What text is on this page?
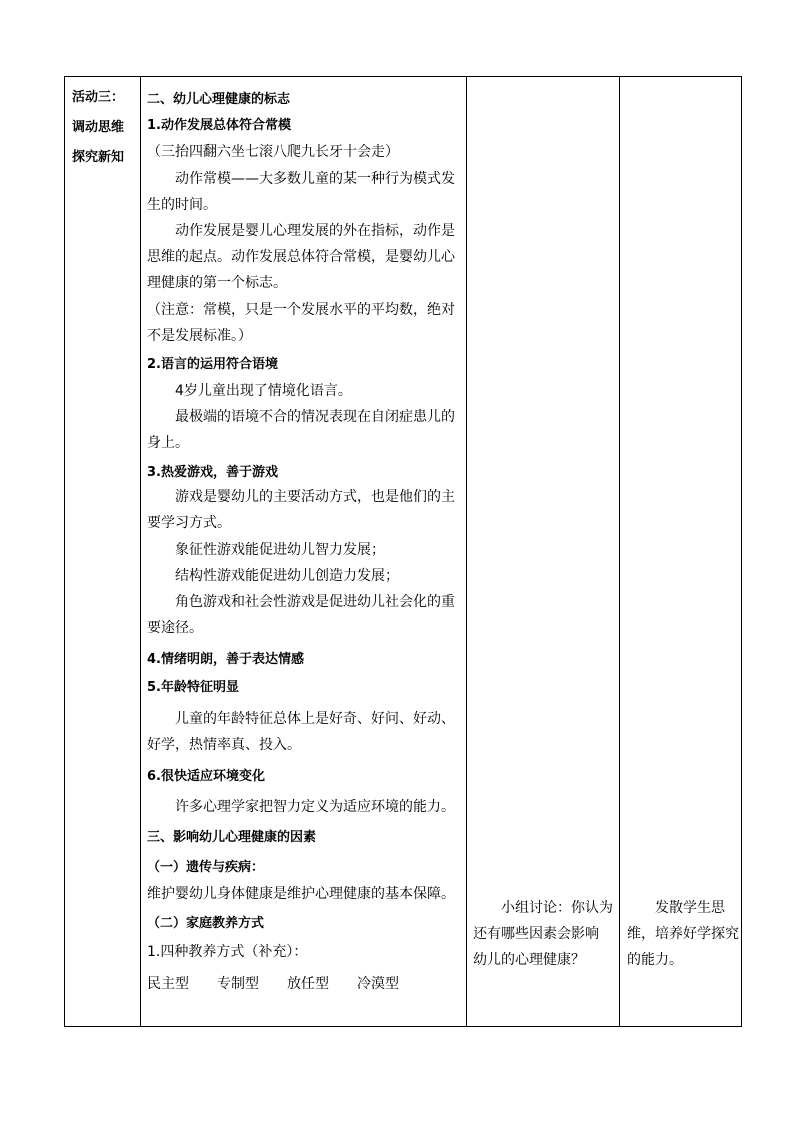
活动三：
调动思维
探究新知
二、幼儿心理健康的标志
1.动作发展总体符合常模
（三抬四翻六坐七滚八爬九长牙十会走）
动作常模——大多数儿童的某一种行为模式发
生的时间。
动作发展是婴儿心理发展的外在指标，动作是
思维的起点。动作发展总体符合常模，是婴幼儿心
理健康的第一个标志。
（注意：常模，只是一个发展水平的平均数，绝对
不是发展标准。）
2.语言的运用符合语境
4岁儿童出现了情境化语言。
最极端的语境不合的情况表现在自闭症患儿的
身上。
3.热爱游戏，善于游戏
游戏是婴幼儿的主要活动方式，也是他们的主
要学习方式。
象征性游戏能促进幼儿智力发展；
结构性游戏能促进幼儿创造力发展；
角色游戏和社会性游戏是促进幼儿社会化的重
要途径。
4.情绪明朗，善于表达情感
5.年龄特征明显
儿童的年龄特征总体上是好奇、好问、好动、
好学，热情率真、投入。
6.很快适应环境变化
许多心理学家把智力定义为适应环境的能力。
三、影响幼儿心理健康的因素
（一）遗传与疾病：
维护婴幼儿身体健康是维护心理健康的基本保障。
（二）家庭教养方式
1.四种教养方式（补充）：
民主型　　专制型　　放任型　　冷漠型
小组讨论：你认为
还有哪些因素会影响
幼儿的心理健康？
发散学生思
维，培养好学探究
的能力。
